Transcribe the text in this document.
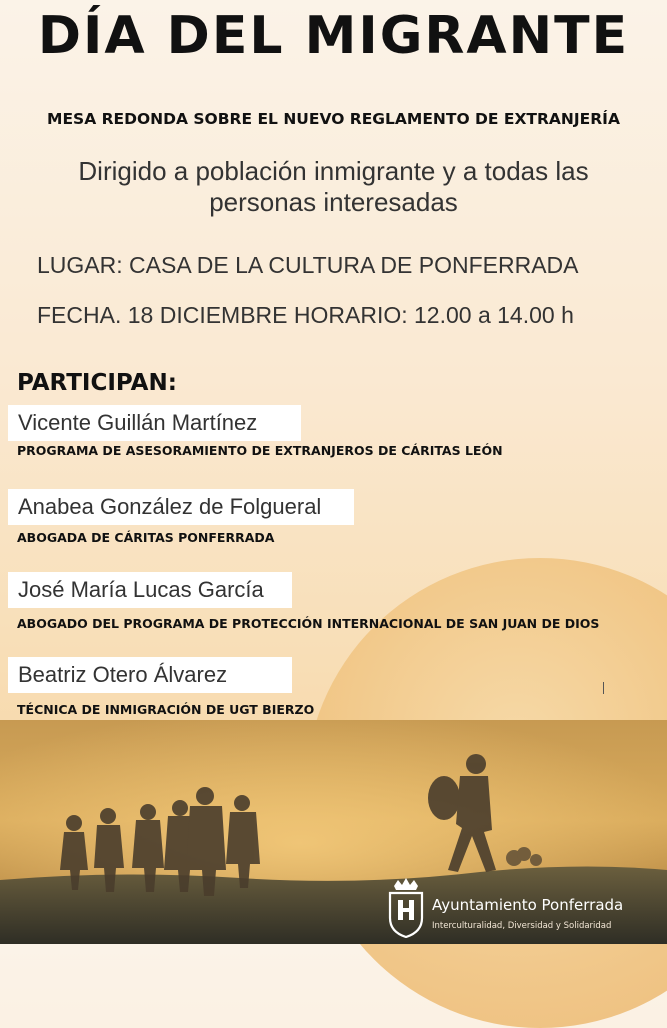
DÍA DEL MIGRANTE
MESA REDONDA SOBRE EL NUEVO REGLAMENTO DE EXTRANJERÍA
Dirigido a población inmigrante y a todas las
personas interesadas
LUGAR: CASA DE LA CULTURA DE PONFERRADA
FECHA. 18 DICIEMBRE HORARIO: 12.00 a 14.00 h
PARTICIPAN:
Vicente Guillán Martínez
PROGRAMA DE ASESORAMIENTO DE EXTRANJEROS DE CÁRITAS LEÓN
Anabea González de Folgueral
ABOGADA DE CÁRITAS PONFERRADA
José María Lucas García
ABOGADO DEL PROGRAMA DE PROTECCIÓN INTERNACIONAL DE SAN JUAN DE DIOS
Beatriz Otero Álvarez
TÉCNICA DE INMIGRACIÓN DE UGT BIERZO
Ayuntamiento Ponferrada
Interculturalidad, Diversidad y Solidaridad
